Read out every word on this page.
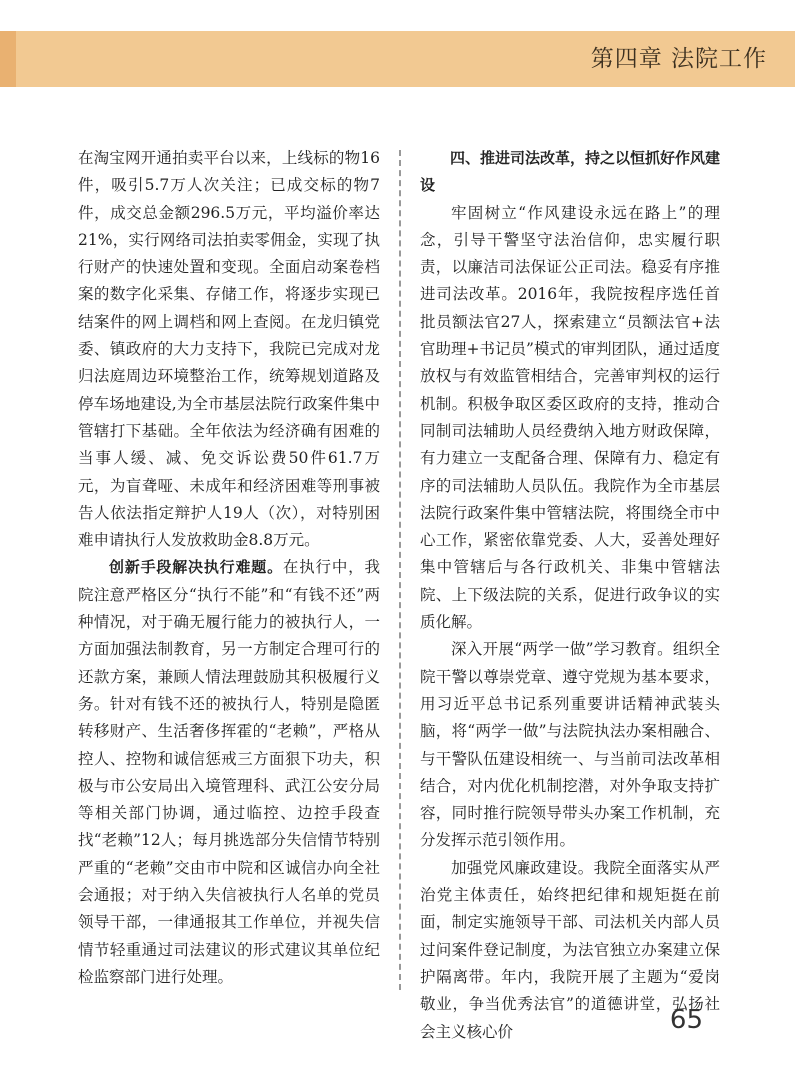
第四章 法院工作

在淘宝网开通拍卖平台以来，上线标的物16件，吸引5.7万人次关注；已成交标的物7件，成交总金额296.5万元，平均溢价率达21%，实行网络司法拍卖零佣金，实现了执行财产的快速处置和变现。全面启动案卷档案的数字化采集、存储工作，将逐步实现已结案件的网上调档和网上查阅。在龙归镇党委、镇政府的大力支持下，我院已完成对龙归法庭周边环境整治工作，统筹规划道路及停车场地建设,为全市基层法院行政案件集中管辖打下基础。全年依法为经济确有困难的当事人缓、减、免交诉讼费50件61.7万元，为盲聋哑、未成年和经济困难等刑事被告人依法指定辩护人19人（次），对特别困难申请执行人发放救助金8.8万元。

创新手段解决执行难题。在执行中，我院注意严格区分“执行不能”和“有钱不还”两种情况，对于确无履行能力的被执行人，一方面加强法制教育，另一方制定合理可行的还款方案，兼顾人情法理鼓励其积极履行义务。针对有钱不还的被执行人，特别是隐匿转移财产、生活奢侈挥霍的“老赖”，严格从控人、控物和诚信惩戒三方面狠下功夫，积极与市公安局出入境管理科、武江公安分局等相关部门协调，通过临控、边控手段查找“老赖”12人；每月挑选部分失信情节特别严重的“老赖”交由市中院和区诚信办向全社会通报；对于纳入失信被执行人名单的党员领导干部，一律通报其工作单位，并视失信情节轻重通过司法建议的形式建议其单位纪检监察部门进行处理。

四、推进司法改革，持之以恒抓好作风建设

牢固树立“作风建设永远在路上”的理念，引导干警坚守法治信仰，忠实履行职责，以廉洁司法保证公正司法。稳妥有序推进司法改革。2016年，我院按程序选任首批员额法官27人，探索建立“员额法官+法官助理+书记员”模式的审判团队，通过适度放权与有效监管相结合，完善审判权的运行机制。积极争取区委区政府的支持，推动合同制司法辅助人员经费纳入地方财政保障，有力建立一支配备合理、保障有力、稳定有序的司法辅助人员队伍。我院作为全市基层法院行政案件集中管辖法院，将围绕全市中心工作，紧密依靠党委、人大，妥善处理好集中管辖后与各行政机关、非集中管辖法院、上下级法院的关系，促进行政争议的实质化解。

深入开展“两学一做”学习教育。组织全院干警以尊崇党章、遵守党规为基本要求，用习近平总书记系列重要讲话精神武装头脑，将“两学一做”与法院执法办案相融合、与干警队伍建设相统一、与当前司法改革相结合，对内优化机制挖潜，对外争取支持扩容，同时推行院领导带头办案工作机制，充分发挥示范引领作用。

加强党风廉政建设。我院全面落实从严治党主体责任，始终把纪律和规矩挺在前面，制定实施领导干部、司法机关内部人员过问案件登记制度，为法官独立办案建立保护隔离带。年内，我院开展了主题为“爱岗敬业，争当优秀法官”的道德讲堂，弘扬社会主义核心价	65
